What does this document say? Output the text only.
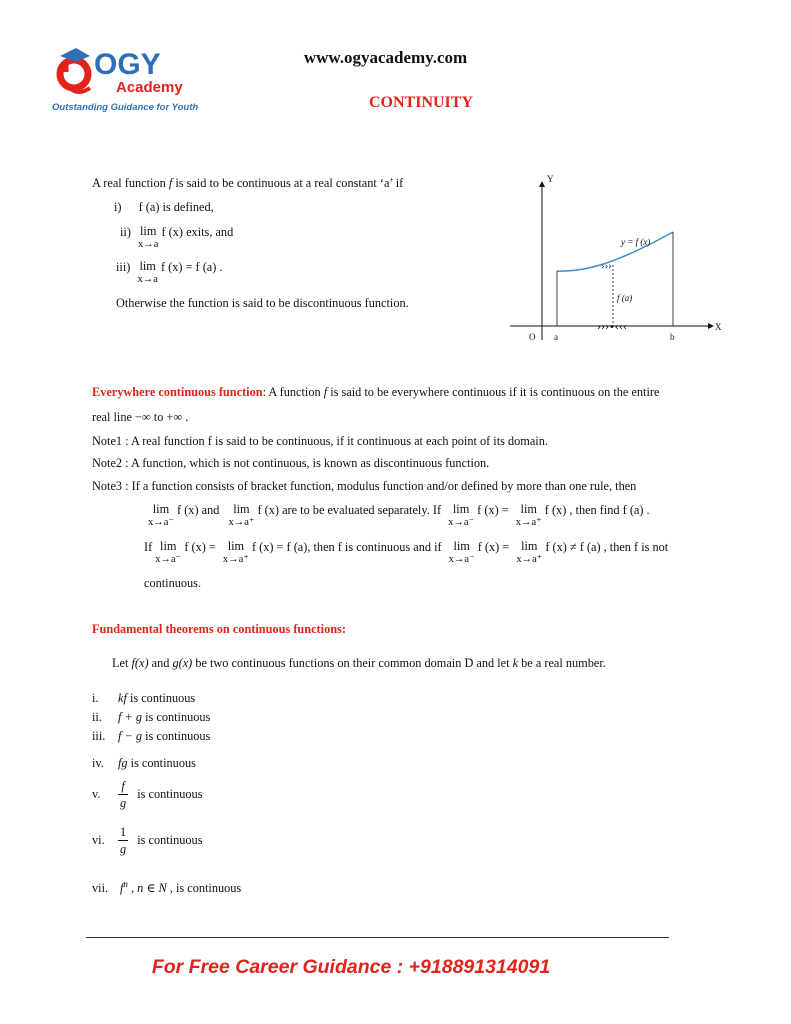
OGY
Academy
Outstanding Guidance for Youth
www.ogyacademy.com
CONTINUITY
A real function f is said to be continuous at a real constant ‘a’ if
i) f (a) is defined,
ii) lim
x→a
f (x) exits, and
iii) lim
x→a
f (x) = f (a) .
Otherwise the function is said to be discontinuous function.
›››•‹‹‹
›››
Y
X
O a	b
y = f (x)
f (a)
Everywhere continuous function: A function f is said to be everywhere continuous if it is continuous on the entire
real line −∞ to +∞ .
Note1 : A real function f is said to be continuous, if it continuous at each point of its domain.
Note2 : A function, which is not continuous, is known as discontinuous function.
Note3 : If a function consists of bracket function, modulus function and/or defined by more than one rule, then
lim
x→a⁻
f (x) and lim
x→a⁺
f (x) are to be evaluated separately. If lim
x→a⁻
f (x) = lim
x→a⁺
f (x) , then find f (a) .
If lim
x→a⁻
f (x) = lim
x→a⁺
f (x) = f (a), then f is continuous and if lim
x→a⁻
f (x) = lim
x→a⁺
f (x) ≠ f (a) , then f is not
continuous.
Fundamental theorems on continuous functions:
Let f(x) and g(x) be two continuous functions on their common domain D and let k be a real number.
i. kf is continuous
ii. f + g is continuous
iii. f − g is continuous
iv. fg is continuous
v. $\frac{f}{g}$ is continuous
vi. $\frac{1}{g}$ is continuous
vii. $f^n$ , n ∈ N , is continuous
For Free Career Guidance : +918891314091
